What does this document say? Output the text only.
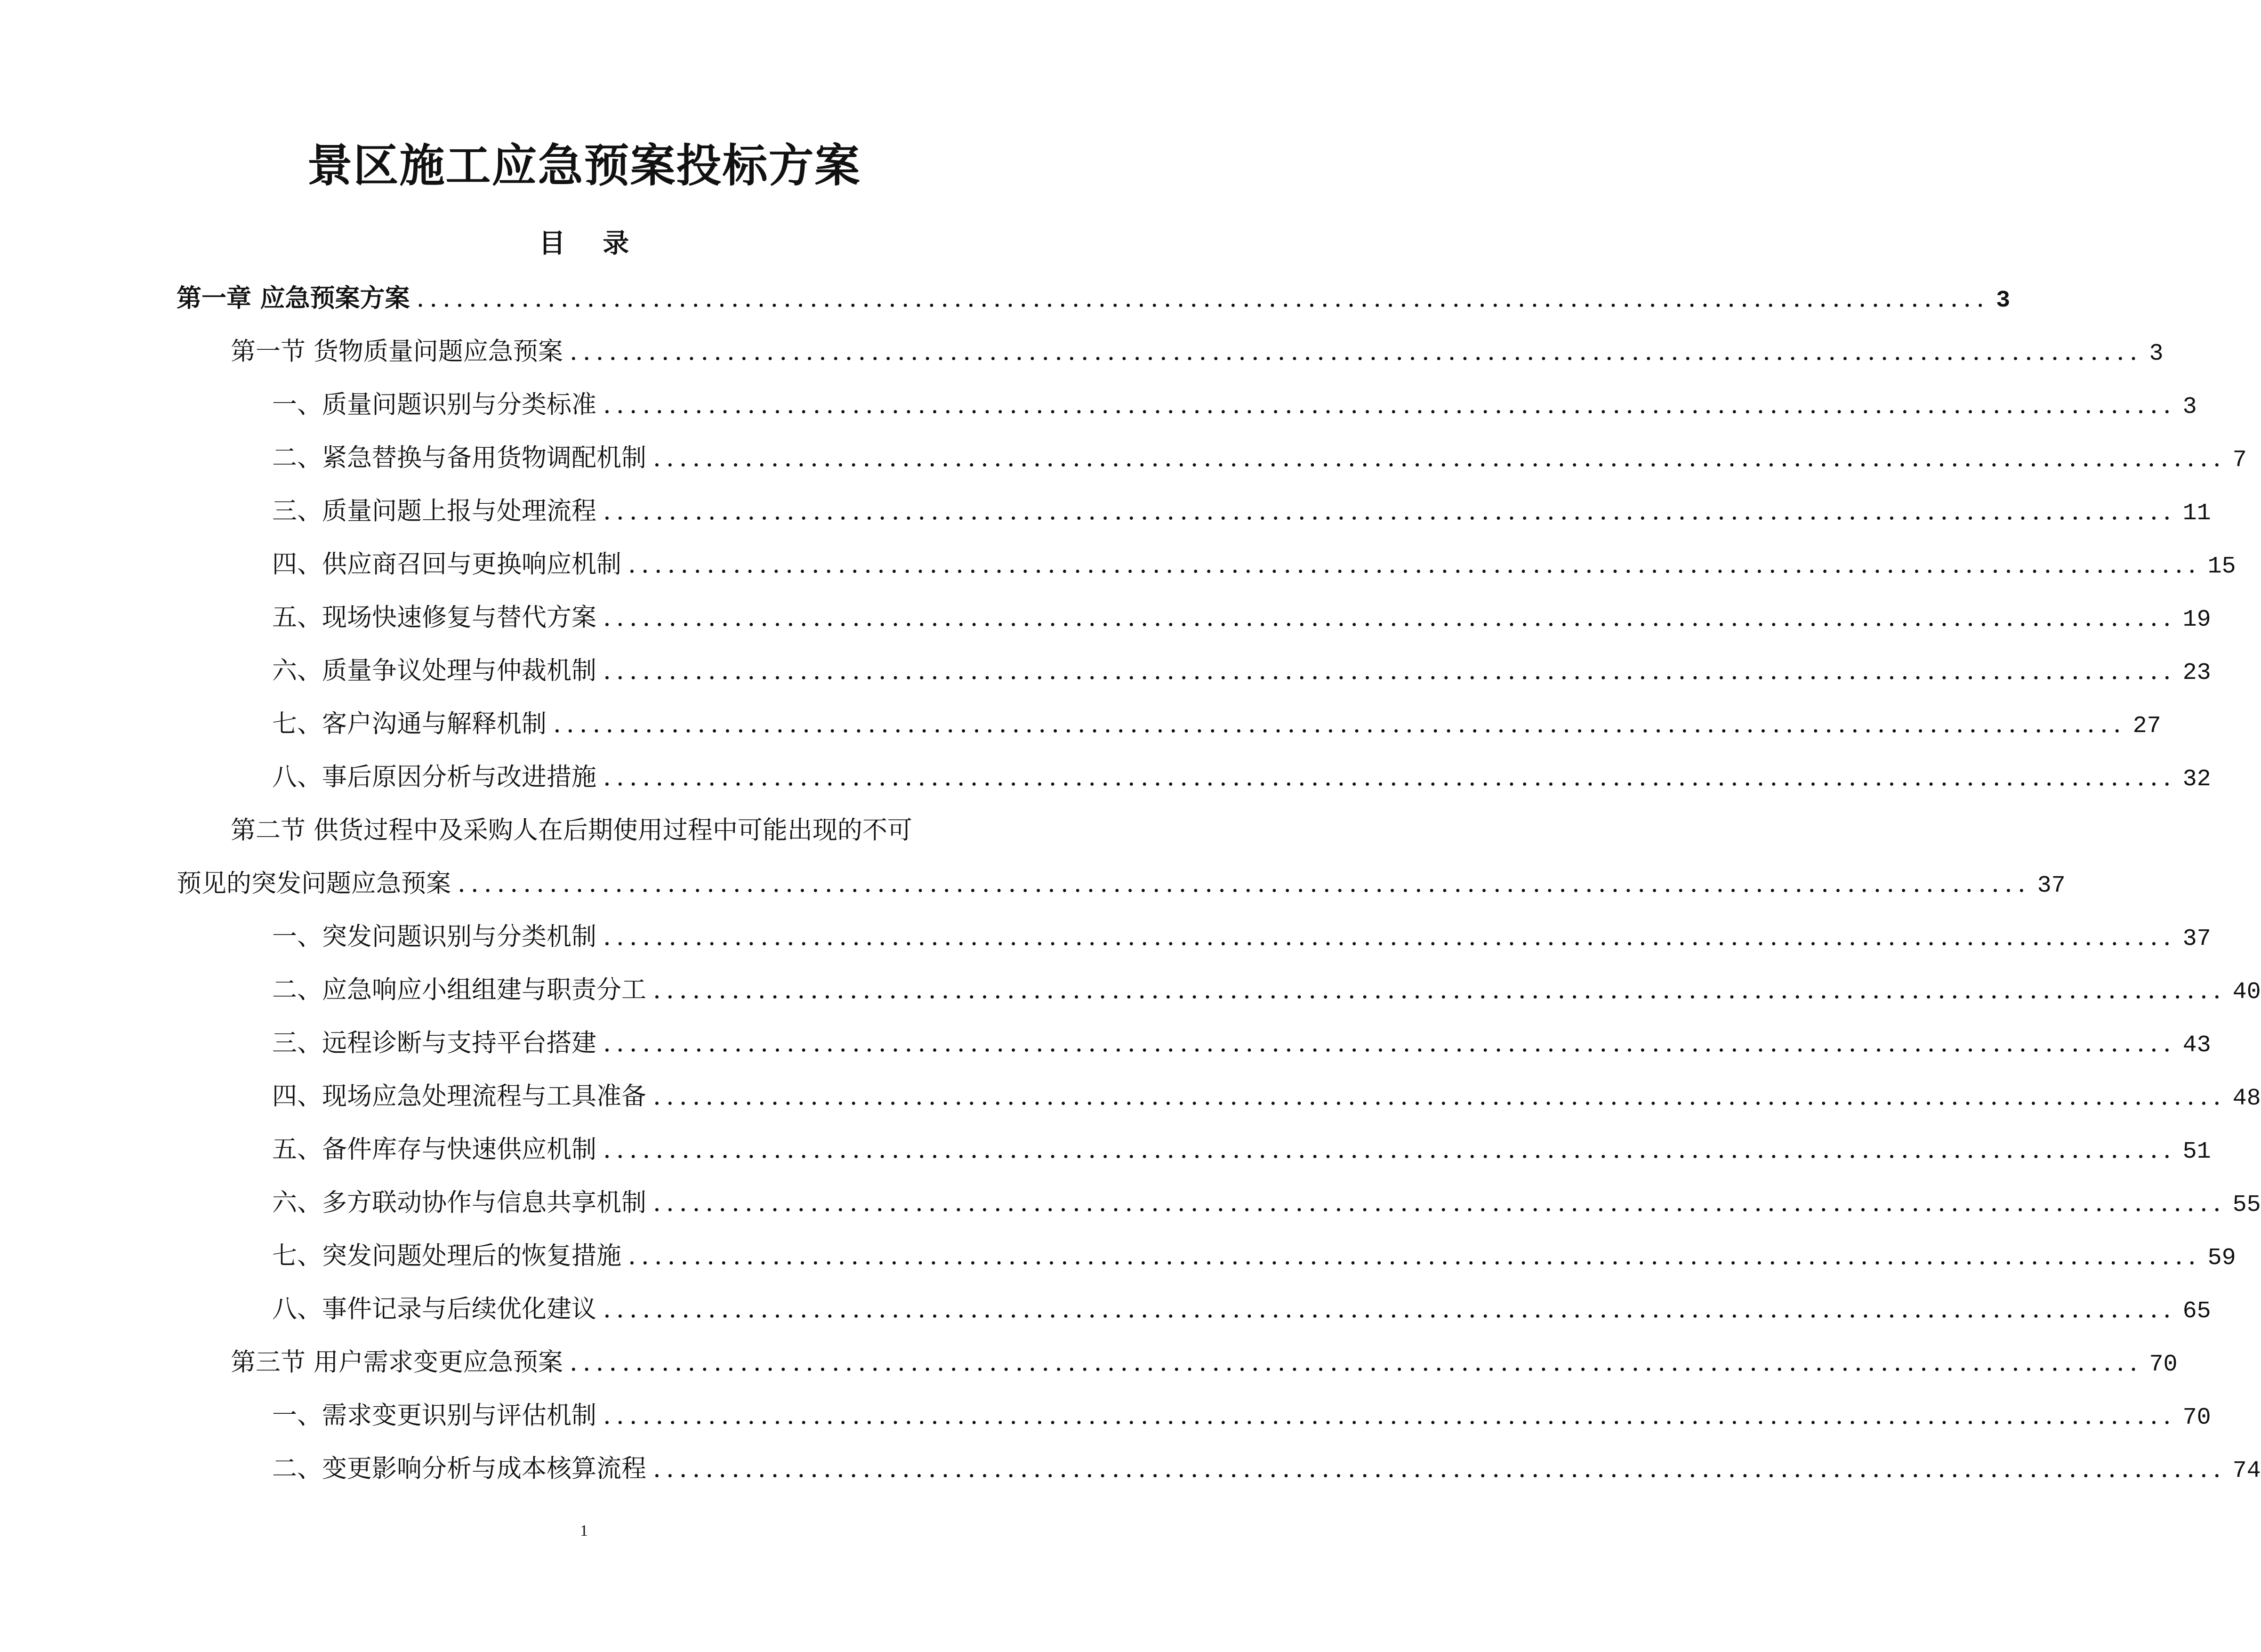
景区施工应急预案投标方案
目 录
第一章 应急预案方案 ........................................................................................................................ 3
第一节 货物质量问题应急预案 ........................................................................................................................ 3
一、质量问题识别与分类标准 ........................................................................................................................ 3
二、紧急替换与备用货物调配机制 ........................................................................................................................ 7
三、质量问题上报与处理流程 ........................................................................................................................ 11
四、供应商召回与更换响应机制 ........................................................................................................................ 15
五、现场快速修复与替代方案 ........................................................................................................................ 19
六、质量争议处理与仲裁机制 ........................................................................................................................ 23
七、客户沟通与解释机制 ........................................................................................................................ 27
八、事后原因分析与改进措施 ........................................................................................................................ 32
第二节 供货过程中及采购人在后期使用过程中可能出现的不可
预见的突发问题应急预案 ........................................................................................................................ 37
一、突发问题识别与分类机制 ........................................................................................................................ 37
二、应急响应小组组建与职责分工 ........................................................................................................................ 40
三、远程诊断与支持平台搭建 ........................................................................................................................ 43
四、现场应急处理流程与工具准备 ........................................................................................................................ 48
五、备件库存与快速供应机制 ........................................................................................................................ 51
六、多方联动协作与信息共享机制 ........................................................................................................................ 55
七、突发问题处理后的恢复措施 ........................................................................................................................ 59
八、事件记录与后续优化建议 ........................................................................................................................ 65
第三节 用户需求变更应急预案 ........................................................................................................................ 70
一、需求变更识别与评估机制 ........................................................................................................................ 70
二、变更影响分析与成本核算流程 ........................................................................................................................ 74
1
